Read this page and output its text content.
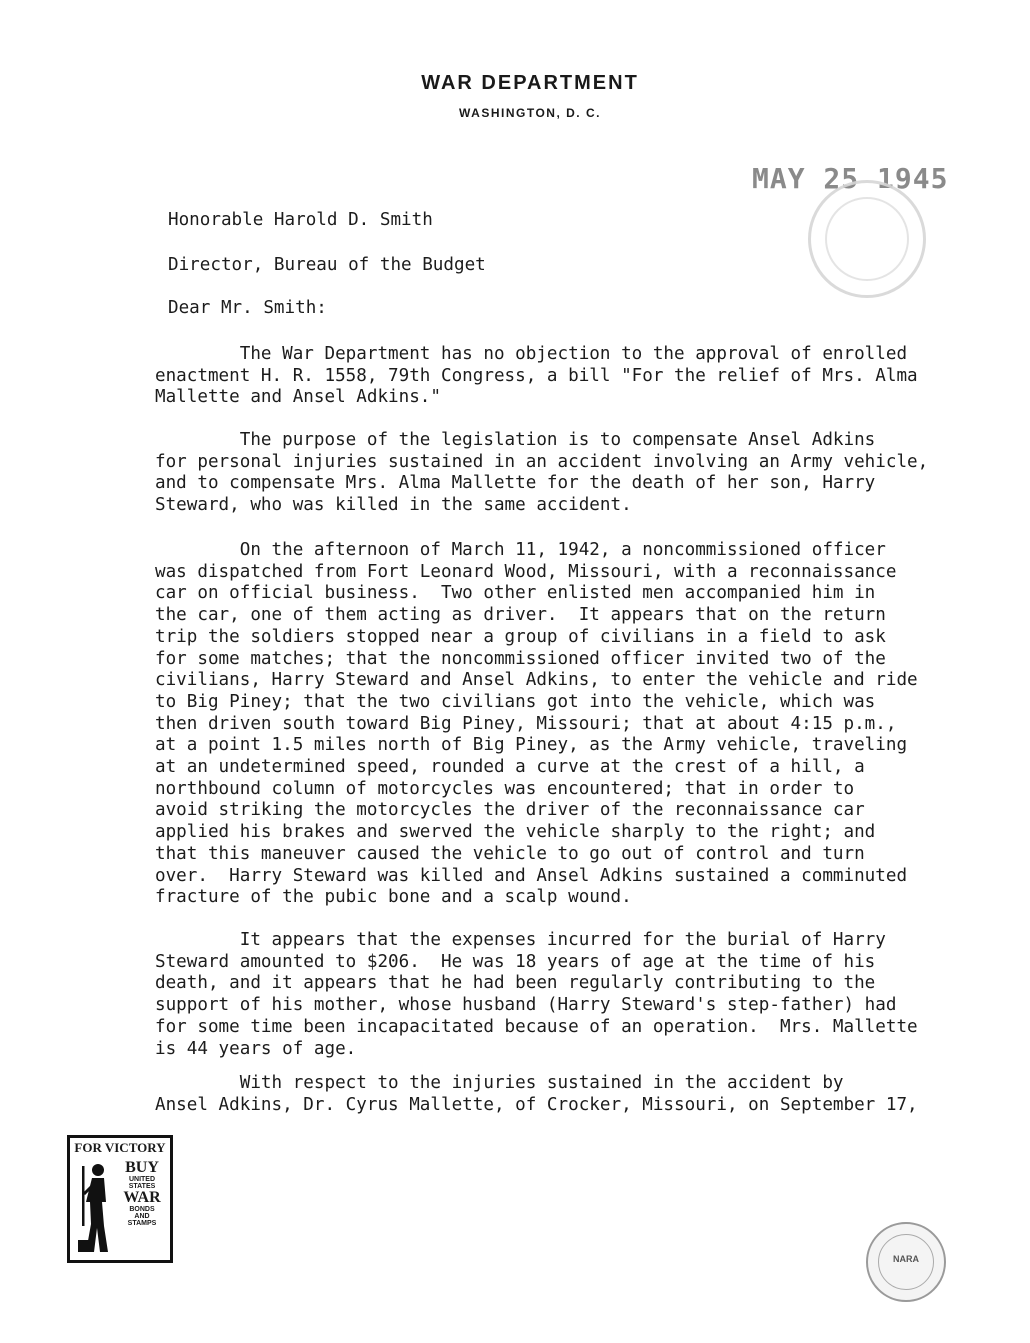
WAR DEPARTMENT
WASHINGTON, D. C.
MAY 25 1945
Honorable Harold D. Smith
Director, Bureau of the Budget
Dear Mr. Smith:
The War Department has no objection to the approval of enrolled
enactment H. R. 1558, 79th Congress, a bill "For the relief of Mrs. Alma
Mallette and Ansel Adkins."
The purpose of the legislation is to compensate Ansel Adkins
for personal injuries sustained in an accident involving an Army vehicle,
and to compensate Mrs. Alma Mallette for the death of her son, Harry
Steward, who was killed in the same accident.
On the afternoon of March 11, 1942, a noncommissioned officer
was dispatched from Fort Leonard Wood, Missouri, with a reconnaissance
car on official business.  Two other enlisted men accompanied him in
the car, one of them acting as driver.  It appears that on the return
trip the soldiers stopped near a group of civilians in a field to ask
for some matches; that the noncommissioned officer invited two of the
civilians, Harry Steward and Ansel Adkins, to enter the vehicle and ride
to Big Piney; that the two civilians got into the vehicle, which was
then driven south toward Big Piney, Missouri; that at about 4:15 p.m.,
at a point 1.5 miles north of Big Piney, as the Army vehicle, traveling
at an undetermined speed, rounded a curve at the crest of a hill, a
northbound column of motorcycles was encountered; that in order to
avoid striking the motorcycles the driver of the reconnaissance car
applied his brakes and swerved the vehicle sharply to the right; and
that this maneuver caused the vehicle to go out of control and turn
over.  Harry Steward was killed and Ansel Adkins sustained a comminuted
fracture of the pubic bone and a scalp wound.
It appears that the expenses incurred for the burial of Harry
Steward amounted to $206.  He was 18 years of age at the time of his
death, and it appears that he had been regularly contributing to the
support of his mother, whose husband (Harry Steward's step-father) had
for some time been incapacitated because of an operation.  Mrs. Mallette
is 44 years of age.
With respect to the injuries sustained in the accident by
Ansel Adkins, Dr. Cyrus Mallette, of Crocker, Missouri, on September 17,
FOR VICTORY
BUY
UNITED
STATES
WAR
BONDS
AND
STAMPS
NARA
